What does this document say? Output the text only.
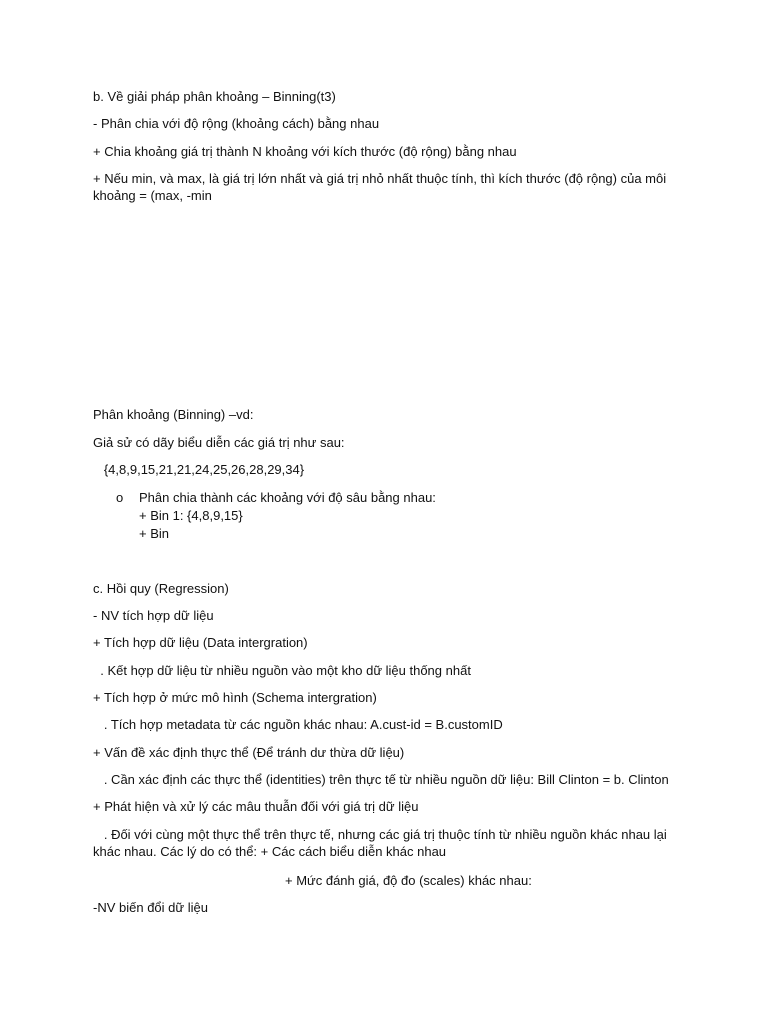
b. Về giải pháp phân khoảng – Binning(t3)
- Phân chia với độ rộng (khoảng cách) bằng nhau
+ Chia khoảng giá trị thành N khoảng với kích thước (độ rộng) bằng nhau
+ Nếu min, và max, là giá trị lớn nhất và giá trị nhỏ nhất thuộc tính, thì kích thước (độ rộng) của môi khoảng = (max, -min
Phân khoảng (Binning) –vd:
Giả sử có dãy biểu diễn các giá trị như sau:
{4,8,9,15,21,21,24,25,26,28,29,34}
o Phân chia thành các khoảng với độ sâu bằng nhau:
+ Bin 1: {4,8,9,15}
+ Bin
c. Hồi quy (Regression)
- NV tích hợp dữ liệu
+ Tích hợp dữ liệu (Data intergration)
. Kết hợp dữ liệu từ nhiều nguồn vào một kho dữ liệu thống nhất
+ Tích hợp ở mức mô hình (Schema intergration)
. Tích hợp metadata từ các nguồn khác nhau: A.cust-id = B.customID
+ Vấn đề xác định thực thể (Để tránh dư thừa dữ liệu)
. Cần xác định các thực thể (identities) trên thực tế từ nhiều nguồn dữ liệu: Bill Clinton = b. Clinton
+ Phát hiện và xử lý các mâu thuẫn đối với giá trị dữ liệu
. Đối với cùng một thực thể trên thực tế, nhưng các giá trị thuộc tính từ nhiều nguồn khác nhau lại khác nhau. Các lý do có thể: + Các cách biểu diễn khác nhau
+ Mức đánh giá, độ đo (scales) khác nhau:
-NV biến đổi dữ liệu
